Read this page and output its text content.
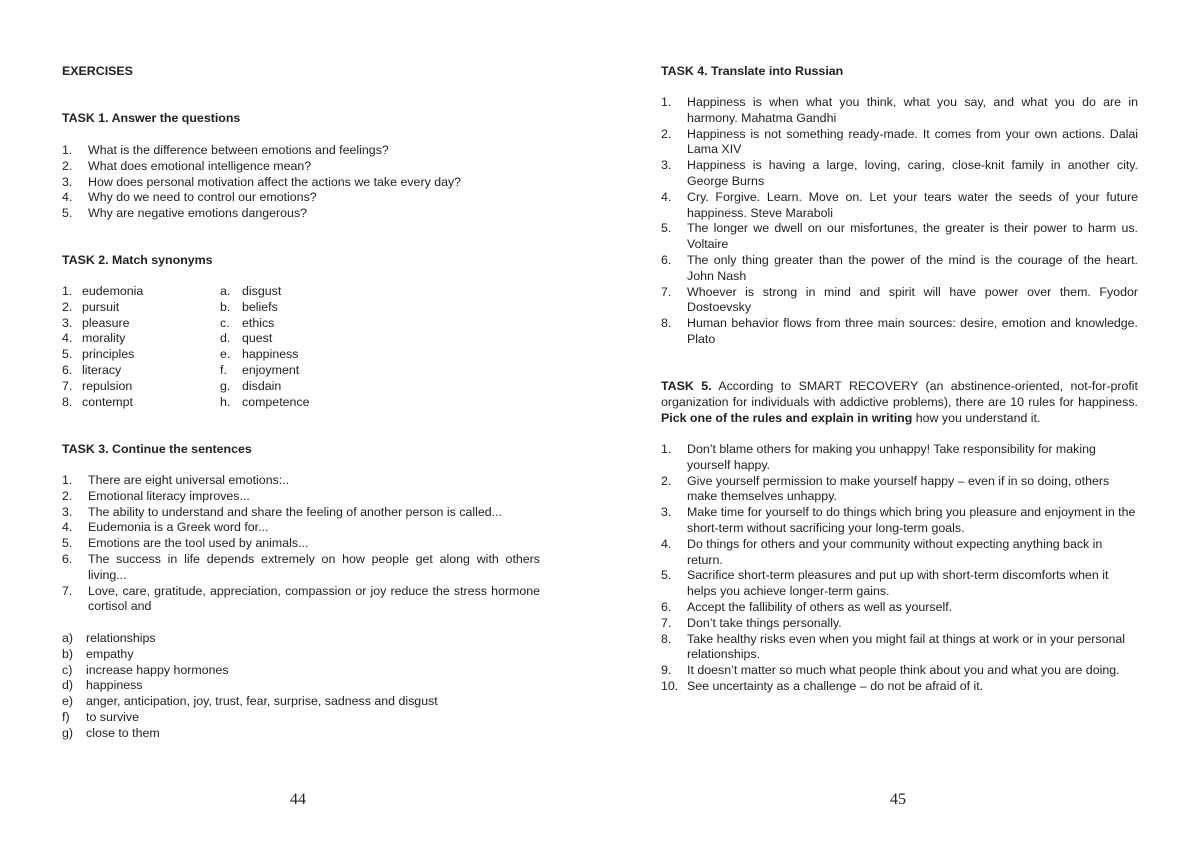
EXERCISES
TASK 1. Answer the questions
1. What is the difference between emotions and feelings?
2. What does emotional intelligence mean?
3. How does personal motivation affect the actions we take every day?
4. Why do we need to control our emotions?
5. Why are negative emotions dangerous?
TASK 2. Match synonyms
1. eudemonia
2. pursuit
3. pleasure
4. morality
5. principles
6. literacy
7. repulsion
8. contempt
a. disgust
b. beliefs
c. ethics
d. quest
e. happiness
f. enjoyment
g. disdain
h. competence
TASK 3. Continue the sentences
1. There are eight universal emotions:..
2. Emotional literacy improves...
3. The ability to understand and share the feeling of another person is called...
4. Eudemonia is a Greek word for...
5. Emotions are the tool used by animals...
6. The success in life depends extremely on how people get along with others living...
7. Love, care, gratitude, appreciation, compassion or joy reduce the stress hormone cortisol and
a) relationships
b) empathy
c) increase happy hormones
d) happiness
e) anger, anticipation, joy, trust, fear, surprise, sadness and disgust
f) to survive
g) close to them
44
TASK 4. Translate into Russian
1. Happiness is when what you think, what you say, and what you do are in harmony. Mahatma Gandhi
2. Happiness is not something ready-made. It comes from your own actions. Dalai Lama XIV
3. Happiness is having a large, loving, caring, close-knit family in another city. George Burns
4. Cry. Forgive. Learn. Move on. Let your tears water the seeds of your future happiness. Steve Maraboli
5. The longer we dwell on our misfortunes, the greater is their power to harm us. Voltaire
6. The only thing greater than the power of the mind is the courage of the heart. John Nash
7. Whoever is strong in mind and spirit will have power over them. Fyodor Dostoevsky
8. Human behavior flows from three main sources: desire, emotion and knowledge. Plato
TASK 5. According to SMART RECOVERY (an abstinence-oriented, not-for-profit organization for individuals with addictive problems), there are 10 rules for happiness. Pick one of the rules and explain in writing how you understand it.
1. Don’t blame others for making you unhappy! Take responsibility for making yourself happy.
2. Give yourself permission to make yourself happy – even if in so doing, others make themselves unhappy.
3. Make time for yourself to do things which bring you pleasure and enjoyment in the short-term without sacrificing your long-term goals.
4. Do things for others and your community without expecting anything back in return.
5. Sacrifice short-term pleasures and put up with short-term discomforts when it helps you achieve longer-term gains.
6. Accept the fallibility of others as well as yourself.
7. Don’t take things personally.
8. Take healthy risks even when you might fail at things at work or in your personal relationships.
9. It doesn’t matter so much what people think about you and what you are doing.
10. See uncertainty as a challenge – do not be afraid of it.
45
